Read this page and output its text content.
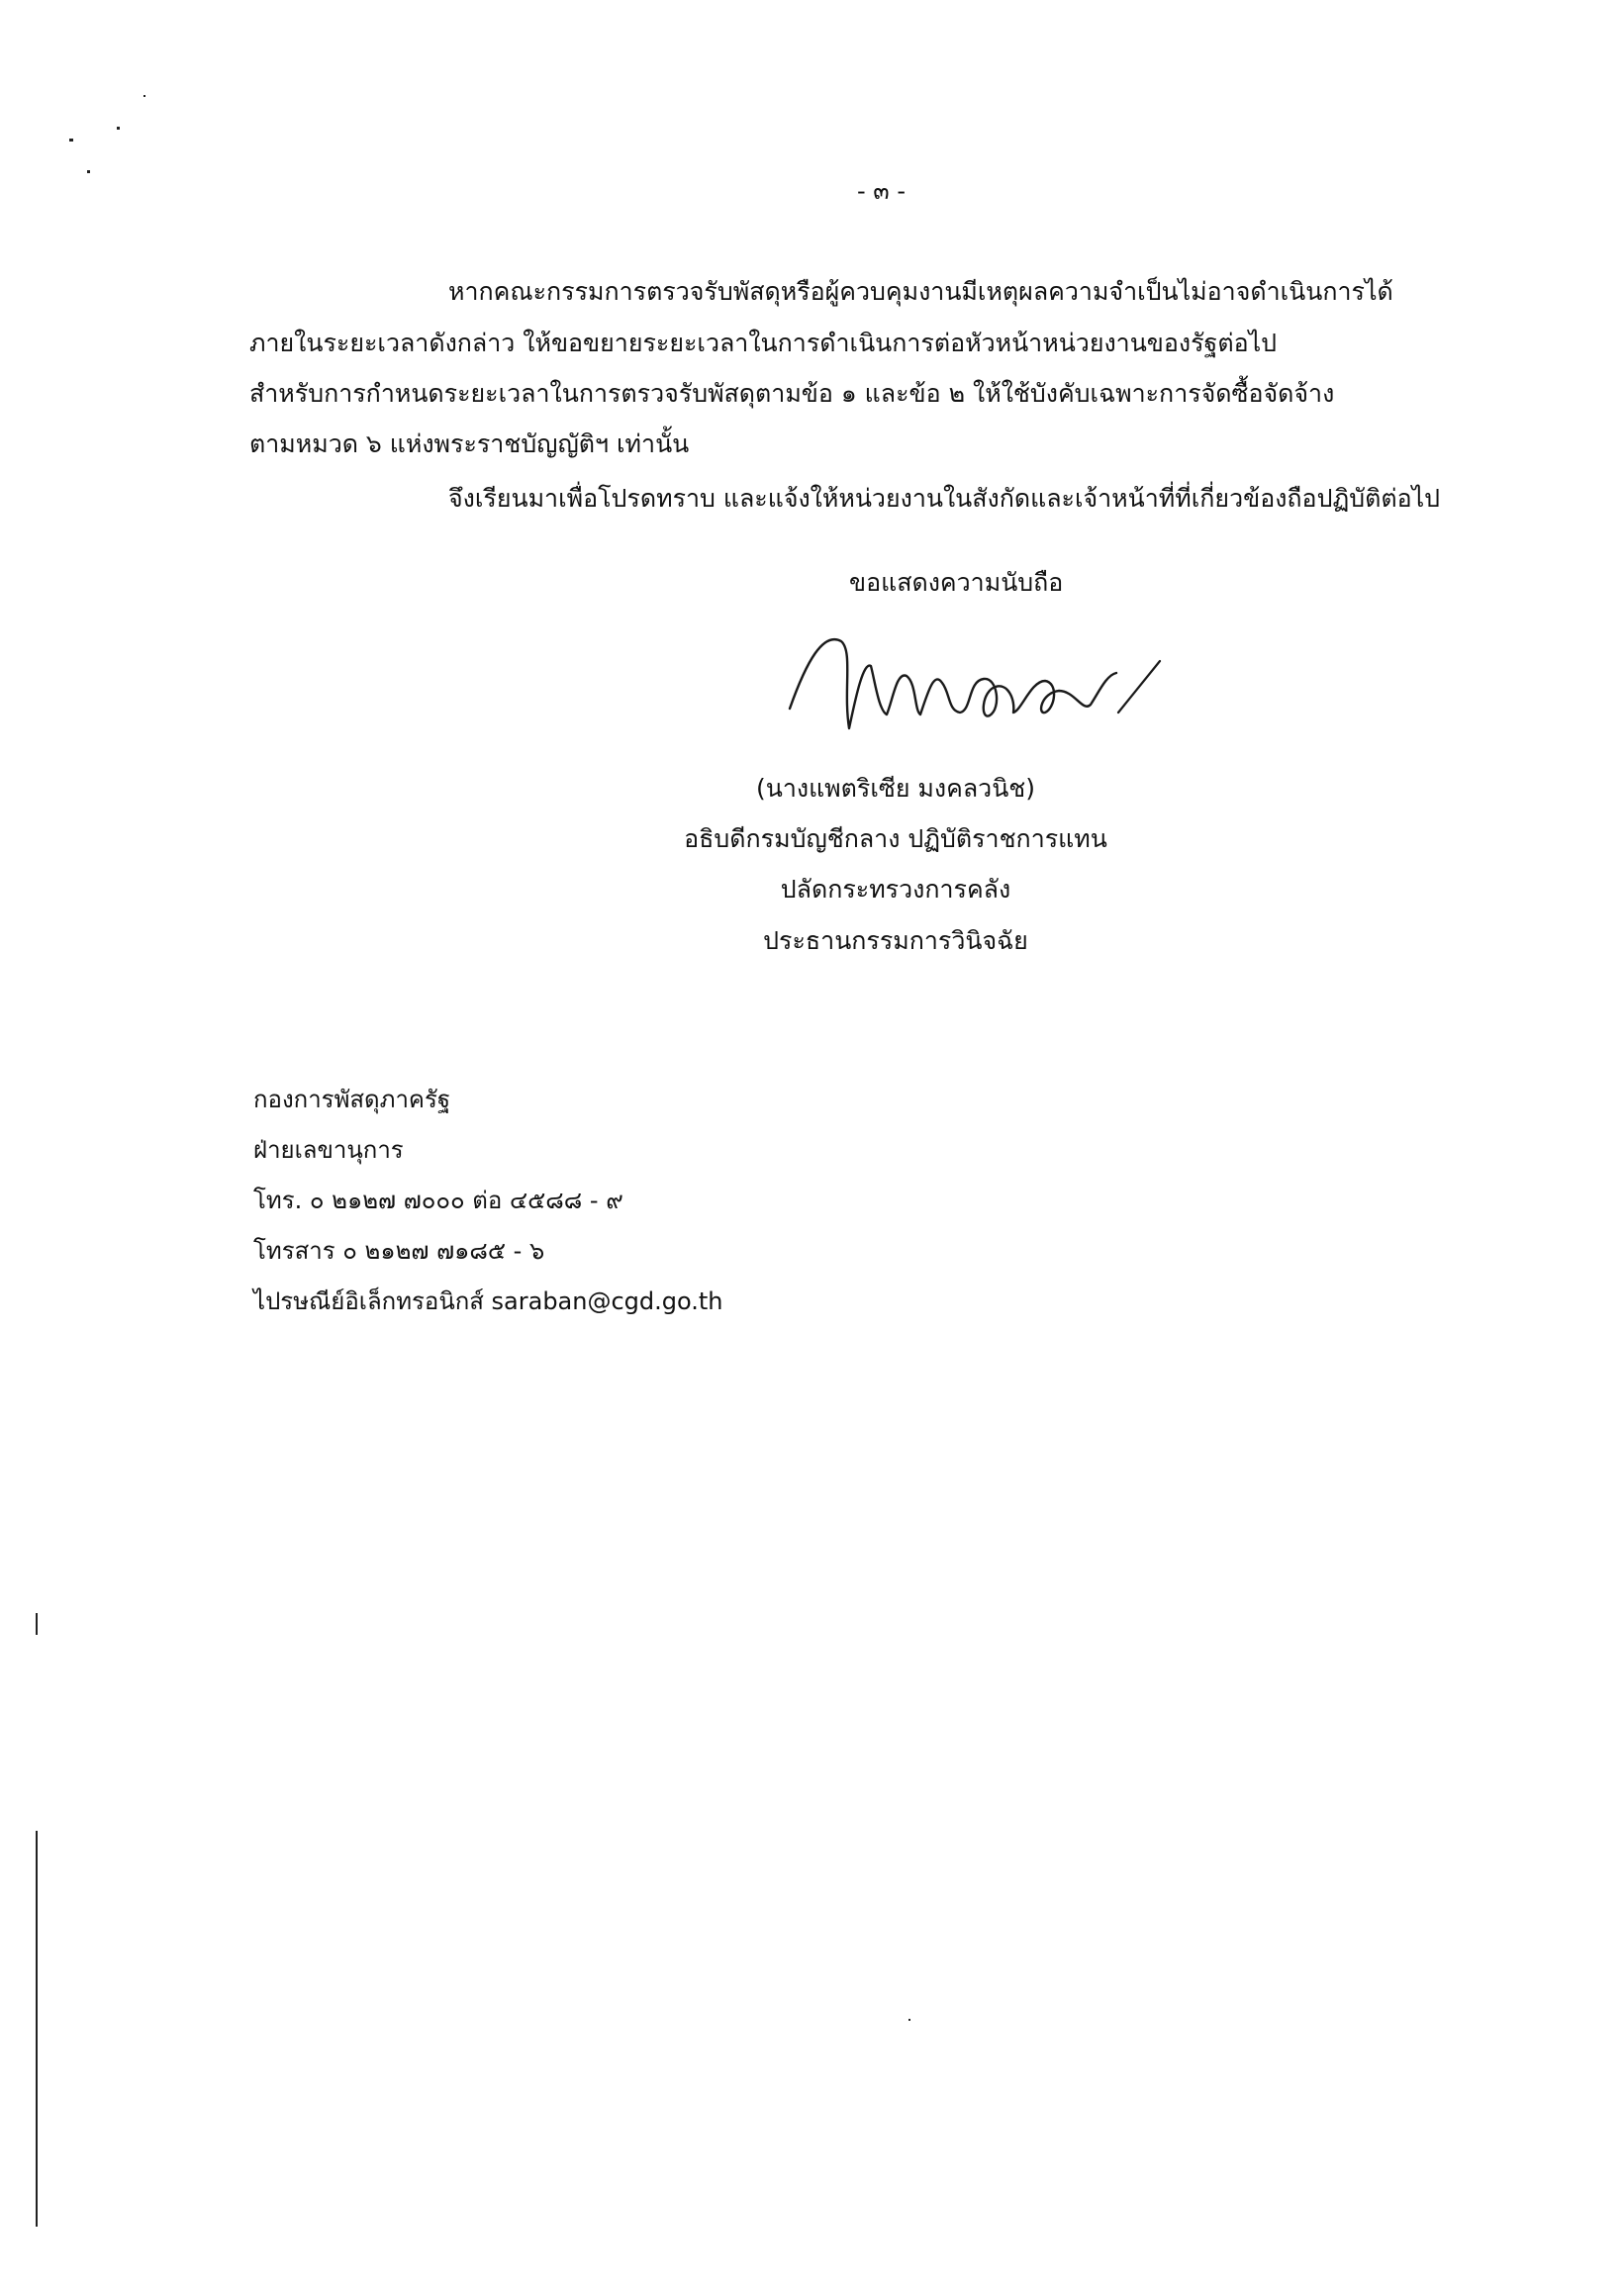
- ๓ -
หากคณะกรรมการตรวจรับพัสดุหรือผู้ควบคุมงานมีเหตุผลความจำเป็นไม่อาจดำเนินการได้
ภายในระยะเวลาดังกล่าว ให้ขอขยายระยะเวลาในการดำเนินการต่อหัวหน้าหน่วยงานของรัฐต่อไป
สำหรับการกำหนดระยะเวลาในการตรวจรับพัสดุตามข้อ ๑ และข้อ ๒ ให้ใช้บังคับเฉพาะการจัดซื้อจัดจ้าง
ตามหมวด ๖ แห่งพระราชบัญญัติฯ เท่านั้น
จึงเรียนมาเพื่อโปรดทราบ และแจ้งให้หน่วยงานในสังกัดและเจ้าหน้าที่ที่เกี่ยวข้องถือปฏิบัติต่อไป
ขอแสดงความนับถือ
(นางแพตริเซีย มงคลวนิช)
อธิบดีกรมบัญชีกลาง ปฏิบัติราชการแทน
ปลัดกระทรวงการคลัง
ประธานกรรมการวินิจฉัย
กองการพัสดุภาครัฐ
ฝ่ายเลขานุการ
โทร. ๐ ๒๑๒๗ ๗๐๐๐ ต่อ ๔๕๘๘ - ๙
โทรสาร ๐ ๒๑๒๗ ๗๑๘๕ - ๖
ไปรษณีย์อิเล็กทรอนิกส์ saraban@cgd.go.th
